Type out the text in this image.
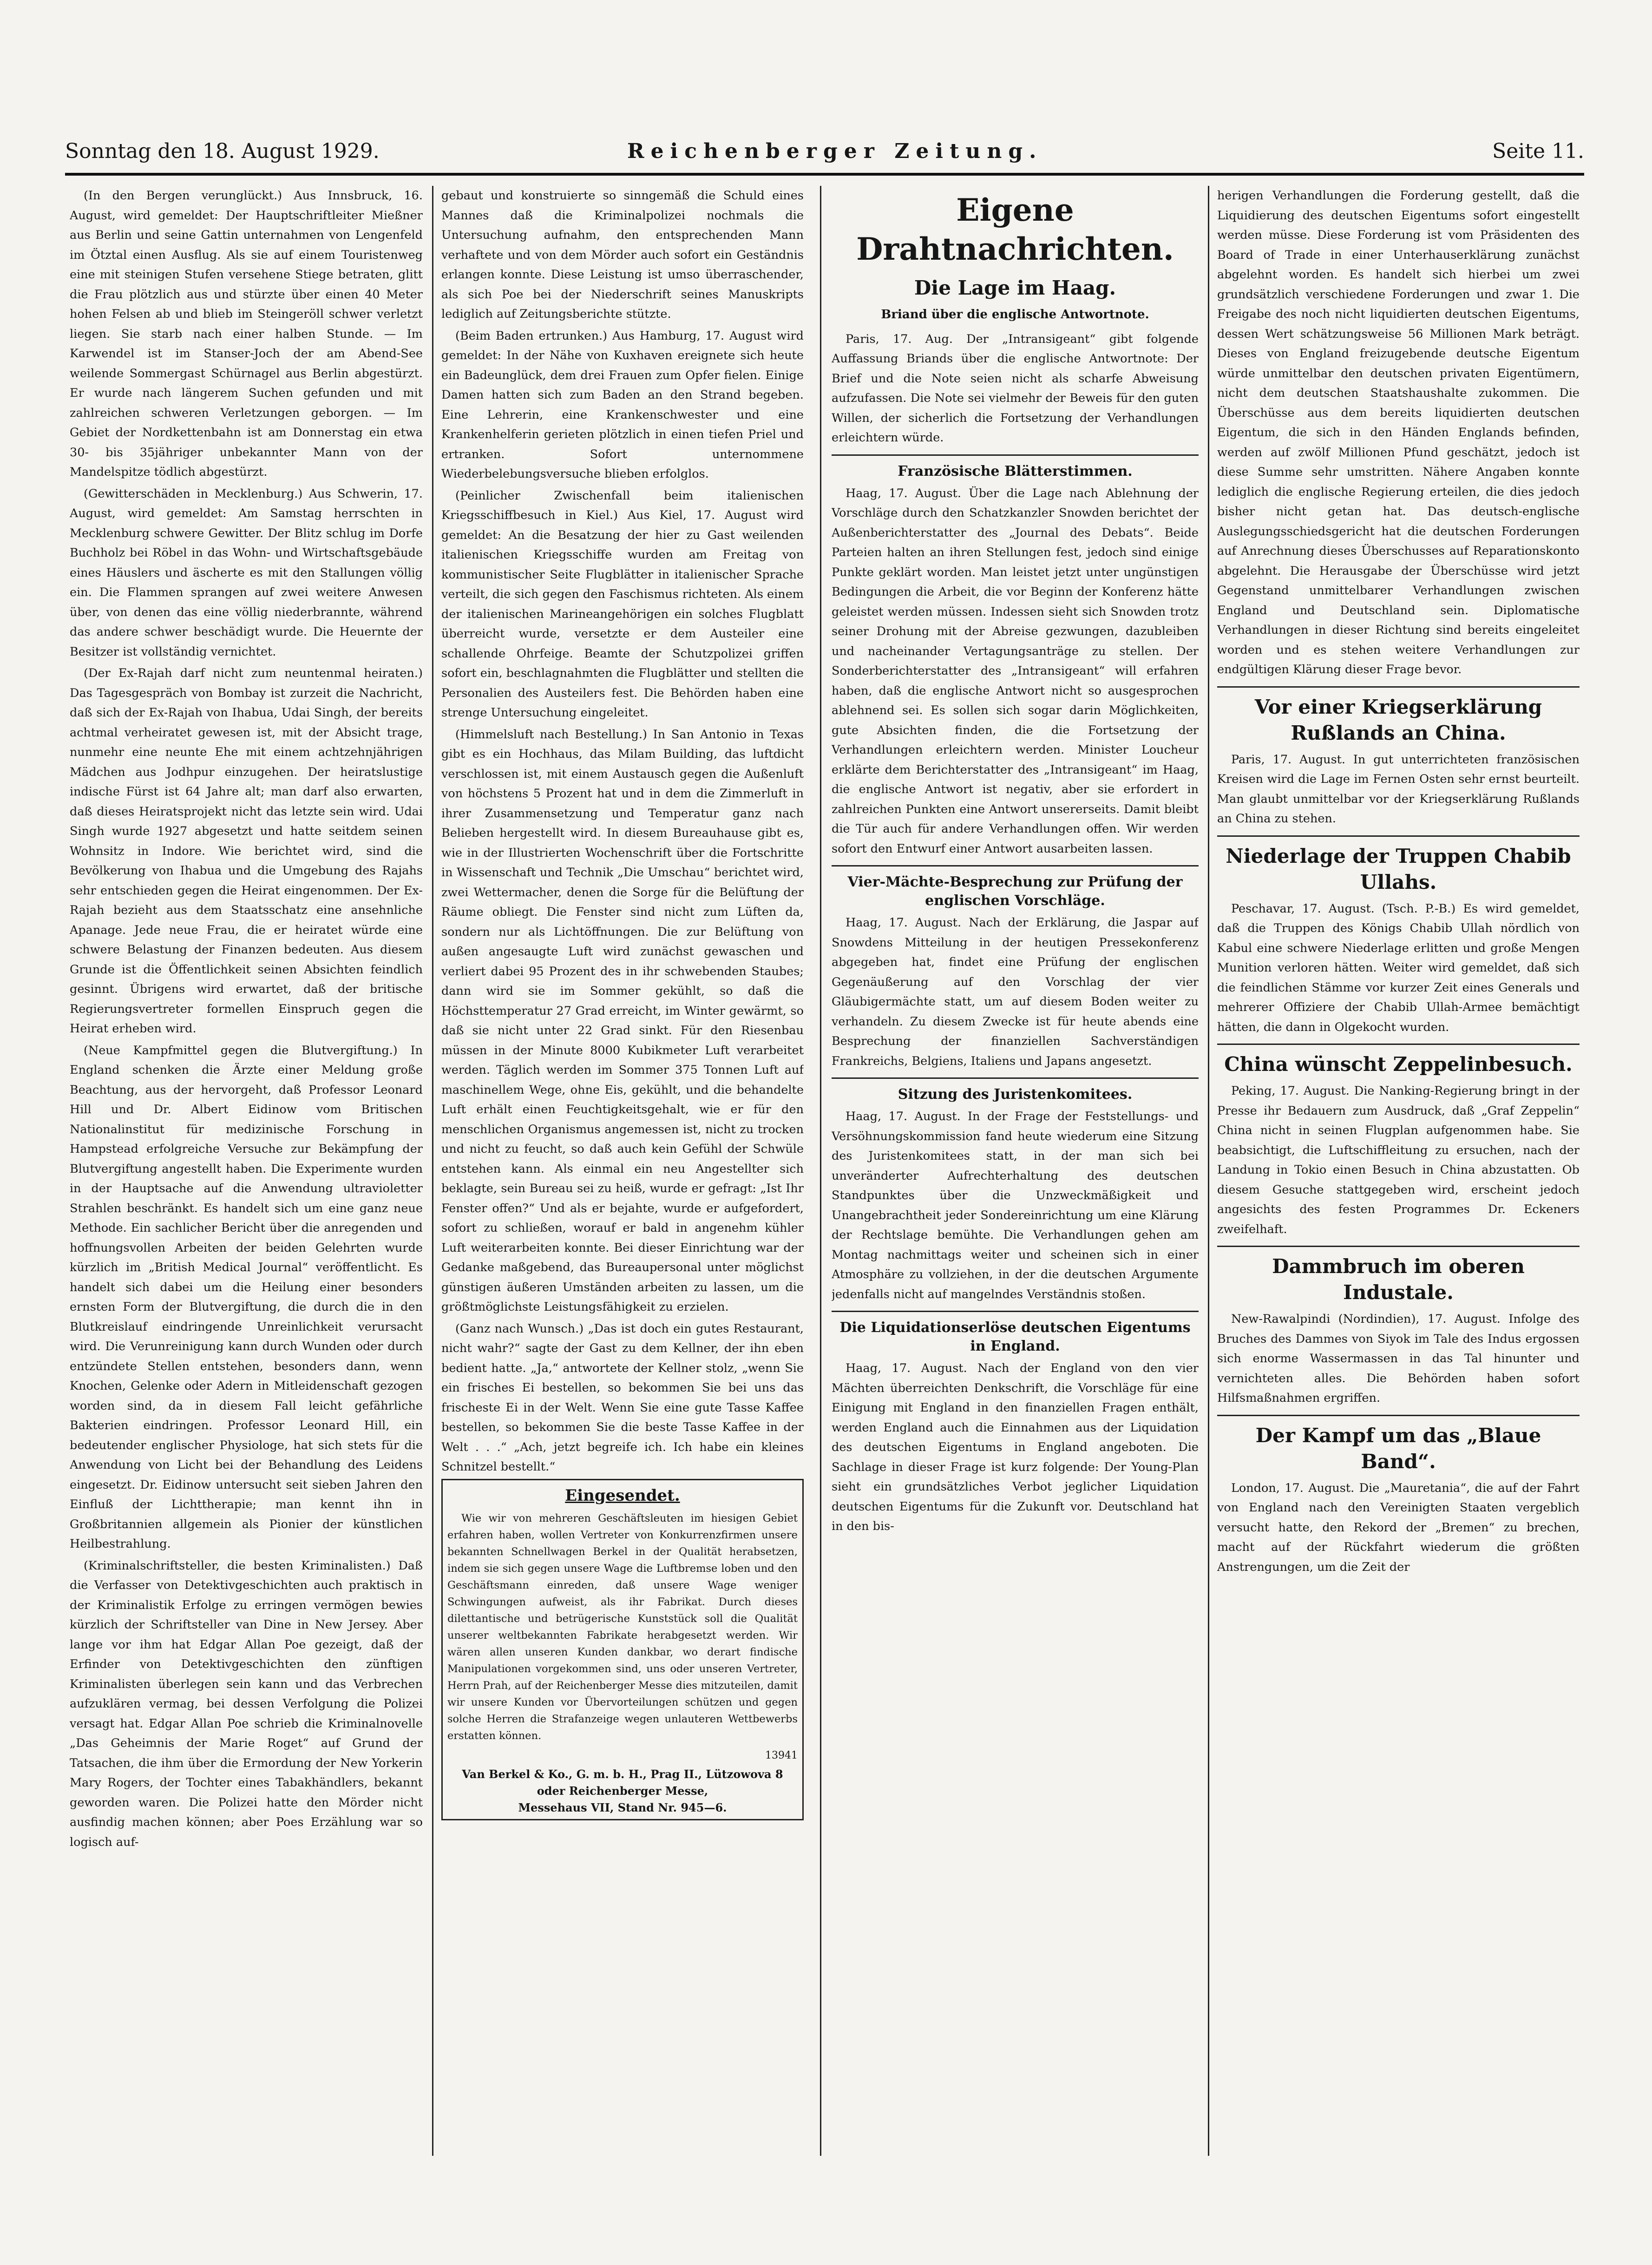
Sonntag den 18. August 1929.	Reichenberger Zeitung.	Seite 11.

(In den Bergen verunglückt.) Aus Innsbruck, 16. August, wird gemeldet: Der Hauptschriftleiter Mießner aus Berlin und seine Gattin unternahmen von Lengenfeld im Ötztal einen Ausflug. Als sie auf einem Touristenweg eine mit steinigen Stufen versehene Stiege betraten, glitt die Frau plötzlich aus und stürzte über einen 40 Meter hohen Felsen ab und blieb im Steingeröll schwer verletzt liegen. Sie starb nach einer halben Stunde. — Im Karwendel ist im Stanser-Joch der am Abend-See weilende Sommergast Schürnagel aus Berlin abgestürzt. Er wurde nach längerem Suchen gefunden und mit zahlreichen schweren Verletzungen geborgen. — Im Gebiet der Nordkettenbahn ist am Donnerstag ein etwa 30- bis 35jähriger unbekannter Mann von der Mandelspitze tödlich abgestürzt.

(Gewitterschäden in Mecklenburg.) Aus Schwerin, 17. August, wird gemeldet: Am Samstag herrschten in Mecklenburg schwere Gewitter. Der Blitz schlug im Dorfe Buchholz bei Röbel in das Wohn- und Wirtschaftsgebäude eines Häuslers und äscherte es mit den Stallungen völlig ein. Die Flammen sprangen auf zwei weitere Anwesen über, von denen das eine völlig niederbrannte, während das andere schwer beschädigt wurde. Die Heuernte der Besitzer ist vollständig vernichtet.

(Der Ex-Rajah darf nicht zum neuntenmal heiraten.) Das Tagesgespräch von Bombay ist zurzeit die Nachricht, daß sich der Ex-Rajah von Ihabua, Udai Singh, der bereits achtmal verheiratet gewesen ist, mit der Absicht trage, nunmehr eine neunte Ehe mit einem achtzehnjährigen Mädchen aus Jodhpur einzugehen. Der heiratslustige indische Fürst ist 64 Jahre alt; man darf also erwarten, daß dieses Heiratsprojekt nicht das letzte sein wird. Udai Singh wurde 1927 abgesetzt und hatte seitdem seinen Wohnsitz in Indore. Wie berichtet wird, sind die Bevölkerung von Ihabua und die Umgebung des Rajahs sehr entschieden gegen die Heirat eingenommen. Der Ex-Rajah bezieht aus dem Staatsschatz eine ansehnliche Apanage. Jede neue Frau, die er heiratet würde eine schwere Belastung der Finanzen bedeuten. Aus diesem Grunde ist die Öffentlichkeit seinen Absichten feindlich gesinnt. Übrigens wird erwartet, daß der britische Regierungsvertreter formellen Einspruch gegen die Heirat erheben wird.

(Neue Kampfmittel gegen die Blutvergiftung.) In England schenken die Ärzte einer Meldung große Beachtung, aus der hervorgeht, daß Professor Leonard Hill und Dr. Albert Eidinow vom Britischen Nationalinstitut für medizinische Forschung in Hampstead erfolgreiche Versuche zur Bekämpfung der Blutvergiftung angestellt haben. Die Experimente wurden in der Hauptsache auf die Anwendung ultravioletter Strahlen beschränkt. Es handelt sich um eine ganz neue Methode. Ein sachlicher Bericht über die anregenden und hoffnungsvollen Arbeiten der beiden Gelehrten wurde kürzlich im „British Medical Journal“ veröffentlicht. Es handelt sich dabei um die Heilung einer besonders ernsten Form der Blutvergiftung, die durch die in den Blutkreislauf eindringende Unreinlichkeit verursacht wird. Die Verunreinigung kann durch Wunden oder durch entzündete Stellen entstehen, besonders dann, wenn Knochen, Gelenke oder Adern in Mitleidenschaft gezogen worden sind, da in diesem Fall leicht gefährliche Bakterien eindringen. Professor Leonard Hill, ein bedeutender englischer Physiologe, hat sich stets für die Anwendung von Licht bei der Behandlung des Leidens eingesetzt. Dr. Eidinow untersucht seit sieben Jahren den Einfluß der Lichttherapie; man kennt ihn in Großbritannien allgemein als Pionier der künstlichen Heilbestrahlung.

(Kriminalschriftsteller, die besten Kriminalisten.) Daß die Verfasser von Detektivgeschichten auch praktisch in der Kriminalistik Erfolge zu erringen vermögen bewies kürzlich der Schriftsteller van Dine in New Jersey. Aber lange vor ihm hat Edgar Allan Poe gezeigt, daß der Erfinder von Detektivgeschichten den zünftigen Kriminalisten überlegen sein kann und das Verbrechen aufzuklären vermag, bei dessen Verfolgung die Polizei versagt hat. Edgar Allan Poe schrieb die Kriminalnovelle „Das Geheimnis der Marie Roget“ auf Grund der Tatsachen, die ihm über die Ermordung der New Yorkerin Mary Rogers, der Tochter eines Tabakhändlers, bekannt geworden waren. Die Polizei hatte den Mörder nicht ausfindig machen können; aber Poes Erzählung war so logisch auf-

gebaut und konstruierte so sinngemäß die Schuld eines Mannes daß die Kriminalpolizei nochmals die Untersuchung aufnahm, den entsprechenden Mann verhaftete und von dem Mörder auch sofort ein Geständnis erlangen konnte. Diese Leistung ist umso überraschender, als sich Poe bei der Niederschrift seines Manuskripts lediglich auf Zeitungsberichte stützte.

(Beim Baden ertrunken.) Aus Hamburg, 17. August wird gemeldet: In der Nähe von Kuxhaven ereignete sich heute ein Badeunglück, dem drei Frauen zum Opfer fielen. Einige Damen hatten sich zum Baden an den Strand begeben. Eine Lehrerin, eine Krankenschwester und eine Krankenhelferin gerieten plötzlich in einen tiefen Priel und ertranken. Sofort unternommene Wiederbelebungsversuche blieben erfolglos.

(Peinlicher Zwischenfall beim italienischen Kriegsschiffbesuch in Kiel.) Aus Kiel, 17. August wird gemeldet: An die Besatzung der hier zu Gast weilenden italienischen Kriegsschiffe wurden am Freitag von kommunistischer Seite Flugblätter in italienischer Sprache verteilt, die sich gegen den Faschismus richteten. Als einem der italienischen Marineangehörigen ein solches Flugblatt überreicht wurde, versetzte er dem Austeiler eine schallende Ohrfeige. Beamte der Schutzpolizei griffen sofort ein, beschlagnahmten die Flugblätter und stellten die Personalien des Austeilers fest. Die Behörden haben eine strenge Untersuchung eingeleitet.

(Himmelsluft nach Bestellung.) In San Antonio in Texas gibt es ein Hochhaus, das Milam Building, das luftdicht verschlossen ist, mit einem Austausch gegen die Außenluft von höchstens 5 Prozent hat und in dem die Zimmerluft in ihrer Zusammensetzung und Temperatur ganz nach Belieben hergestellt wird. In diesem Bureauhause gibt es, wie in der Illustrierten Wochenschrift über die Fortschritte in Wissenschaft und Technik „Die Umschau“ berichtet wird, zwei Wettermacher, denen die Sorge für die Belüftung der Räume obliegt. Die Fenster sind nicht zum Lüften da, sondern nur als Lichtöffnungen. Die zur Belüftung von außen angesaugte Luft wird zunächst gewaschen und verliert dabei 95 Prozent des in ihr schwebenden Staubes; dann wird sie im Sommer gekühlt, so daß die Höchsttemperatur 27 Grad erreicht, im Winter gewärmt, so daß sie nicht unter 22 Grad sinkt. Für den Riesenbau müssen in der Minute 8000 Kubikmeter Luft verarbeitet werden. Täglich werden im Sommer 375 Tonnen Luft auf maschinellem Wege, ohne Eis, gekühlt, und die behandelte Luft erhält einen Feuchtigkeitsgehalt, wie er für den menschlichen Organismus angemessen ist, nicht zu trocken und nicht zu feucht, so daß auch kein Gefühl der Schwüle entstehen kann. Als einmal ein neu Angestellter sich beklagte, sein Bureau sei zu heiß, wurde er gefragt: „Ist Ihr Fenster offen?“ Und als er bejahte, wurde er aufgefordert, sofort zu schließen, worauf er bald in angenehm kühler Luft weiterarbeiten konnte. Bei dieser Einrichtung war der Gedanke maßgebend, das Bureaupersonal unter möglichst günstigen äußeren Umständen arbeiten zu lassen, um die größtmöglichste Leistungsfähigkeit zu erzielen.

(Ganz nach Wunsch.) „Das ist doch ein gutes Restaurant, nicht wahr?“ sagte der Gast zu dem Kellner, der ihn eben bedient hatte. „Ja,“ antwortete der Kellner stolz, „wenn Sie ein frisches Ei bestellen, so bekommen Sie bei uns das frischeste Ei in der Welt. Wenn Sie eine gute Tasse Kaffee bestellen, so bekommen Sie die beste Tasse Kaffee in der Welt . . .“ „Ach, jetzt begreife ich. Ich habe ein kleines Schnitzel bestellt.“

Eingesendet.

Wie wir von mehreren Geschäftsleuten im hiesigen Gebiet erfahren haben, wollen Vertreter von Konkurrenzfirmen unsere bekannten Schnellwagen Berkel in der Qualität herabsetzen, indem sie sich gegen unsere Wage die Luftbremse loben und den Geschäftsmann einreden, daß unsere Wage weniger Schwingungen aufweist, als ihr Fabrikat. Durch dieses dilettantische und betrügerische Kunststück soll die Qualität unserer weltbekannten Fabrikate herabgesetzt werden. Wir wären allen unseren Kunden dankbar, wo derart findische Manipulationen vorgekommen sind, uns oder unseren Vertreter, Herrn Prah, auf der Reichenberger Messe dies mitzuteilen, damit wir unsere Kunden vor Übervorteilungen schützen und gegen solche Herren die Strafanzeige wegen unlauteren Wettbewerbs erstatten können.

13941
Van Berkel & Ko., G. m. b. H., Prag II., Lützowova 8 oder Reichenberger Messe,
Messehaus VII, Stand Nr. 945—6.
Eigene Drahtnachrichten.
Die Lage im Haag.
Briand über die englische Antwortnote.

Paris, 17. Aug. Der „Intransigeant“ gibt folgende Auffassung Briands über die englische Antwortnote: Der Brief und die Note seien nicht als scharfe Abweisung aufzufassen. Die Note sei vielmehr der Beweis für den guten Willen, der sicherlich die Fortsetzung der Verhandlungen erleichtern würde.

Französische Blätterstimmen.

Haag, 17. August. Über die Lage nach Ablehnung der Vorschläge durch den Schatzkanzler Snowden berichtet der Außenberichterstatter des „Journal des Debats“. Beide Parteien halten an ihren Stellungen fest, jedoch sind einige Punkte geklärt worden. Man leistet jetzt unter ungünstigen Bedingungen die Arbeit, die vor Beginn der Konferenz hätte geleistet werden müssen. Indessen sieht sich Snowden trotz seiner Drohung mit der Abreise gezwungen, dazubleiben und nacheinander Vertagungsanträge zu stellen. Der Sonderberichterstatter des „Intransigeant“ will erfahren haben, daß die englische Antwort nicht so ausgesprochen ablehnend sei. Es sollen sich sogar darin Möglichkeiten, gute Absichten finden, die die Fortsetzung der Verhandlungen erleichtern werden. Minister Loucheur erklärte dem Berichterstatter des „Intransigeant“ im Haag, die englische Antwort ist negativ, aber sie erfordert in zahlreichen Punkten eine Antwort unsererseits. Damit bleibt die Tür auch für andere Verhandlungen offen. Wir werden sofort den Entwurf einer Antwort ausarbeiten lassen.

Vier-Mächte-Besprechung zur Prüfung der englischen Vorschläge.

Haag, 17. August. Nach der Erklärung, die Jaspar auf Snowdens Mitteilung in der heutigen Pressekonferenz abgegeben hat, findet eine Prüfung der englischen Gegenäußerung auf den Vorschlag der vier Gläubigermächte statt, um auf diesem Boden weiter zu verhandeln. Zu diesem Zwecke ist für heute abends eine Besprechung der finanziellen Sachverständigen Frankreichs, Belgiens, Italiens und Japans angesetzt.

Sitzung des Juristenkomitees.

Haag, 17. August. In der Frage der Feststellungs- und Versöhnungskommission fand heute wiederum eine Sitzung des Juristenkomitees statt, in der man sich bei unveränderter Aufrechterhaltung des deutschen Standpunktes über die Unzweckmäßigkeit und Unangebrachtheit jeder Sondereinrichtung um eine Klärung der Rechtslage bemühte. Die Verhandlungen gehen am Montag nachmittags weiter und scheinen sich in einer Atmosphäre zu vollziehen, in der die deutschen Argumente jedenfalls nicht auf mangelndes Verständnis stoßen.

Die Liquidationserlöse deutschen Eigentums in England.

Haag, 17. August. Nach der England von den vier Mächten überreichten Denkschrift, die Vorschläge für eine Einigung mit England in den finanziellen Fragen enthält, werden England auch die Einnahmen aus der Liquidation des deutschen Eigentums in England angeboten. Die Sachlage in dieser Frage ist kurz folgende: Der Young-Plan sieht ein grundsätzliches Verbot jeglicher Liquidation deutschen Eigentums für die Zukunft vor. Deutschland hat in den bis-

herigen Verhandlungen die Forderung gestellt, daß die Liquidierung des deutschen Eigentums sofort eingestellt werden müsse. Diese Forderung ist vom Präsidenten des Board of Trade in einer Unterhauserklärung zunächst abgelehnt worden. Es handelt sich hierbei um zwei grundsätzlich verschiedene Forderungen und zwar 1. Die Freigabe des noch nicht liquidierten deutschen Eigentums, dessen Wert schätzungsweise 56 Millionen Mark beträgt. Dieses von England freizugebende deutsche Eigentum würde unmittelbar den deutschen privaten Eigentümern, nicht dem deutschen Staatshaushalte zukommen. Die Überschüsse aus dem bereits liquidierten deutschen Eigentum, die sich in den Händen Englands befinden, werden auf zwölf Millionen Pfund geschätzt, jedoch ist diese Summe sehr umstritten. Nähere Angaben konnte lediglich die englische Regierung erteilen, die dies jedoch bisher nicht getan hat. Das deutsch-englische Auslegungsschiedsgericht hat die deutschen Forderungen auf Anrechnung dieses Überschusses auf Reparationskonto abgelehnt. Die Herausgabe der Überschüsse wird jetzt Gegenstand unmittelbarer Verhandlungen zwischen England und Deutschland sein. Diplomatische Verhandlungen in dieser Richtung sind bereits eingeleitet worden und es stehen weitere Verhandlungen zur endgültigen Klärung dieser Frage bevor.

Vor einer Kriegserklärung Rußlands an China.

Paris, 17. August. In gut unterrichteten französischen Kreisen wird die Lage im Fernen Osten sehr ernst beurteilt. Man glaubt unmittelbar vor der Kriegserklärung Rußlands an China zu stehen.

Niederlage der Truppen Chabib Ullahs.

Peschavar, 17. August. (Tsch. P.-B.) Es wird gemeldet, daß die Truppen des Königs Chabib Ullah nördlich von Kabul eine schwere Niederlage erlitten und große Mengen Munition verloren hätten. Weiter wird gemeldet, daß sich die feindlichen Stämme vor kurzer Zeit eines Generals und mehrerer Offiziere der Chabib Ullah-Armee bemächtigt hätten, die dann in Olgekocht wurden.

China wünscht Zeppelinbesuch.

Peking, 17. August. Die Nanking-Regierung bringt in der Presse ihr Bedauern zum Ausdruck, daß „Graf Zeppelin“ China nicht in seinen Flugplan aufgenommen habe. Sie beabsichtigt, die Luftschiffleitung zu ersuchen, nach der Landung in Tokio einen Besuch in China abzustatten. Ob diesem Gesuche stattgegeben wird, erscheint jedoch angesichts des festen Programmes Dr. Eckeners zweifelhaft.

Dammbruch im oberen Industale.

New-Rawalpindi (Nordindien), 17. August. Infolge des Bruches des Dammes von Siyok im Tale des Indus ergossen sich enorme Wassermassen in das Tal hinunter und vernichteten alles. Die Behörden haben sofort Hilfsmaßnahmen ergriffen.

Der Kampf um das „Blaue Band“.

London, 17. August. Die „Mauretania“, die auf der Fahrt von England nach den Vereinigten Staaten vergeblich versucht hatte, den Rekord der „Bremen“ zu brechen, macht auf der Rückfahrt wiederum die größten Anstrengungen, um die Zeit der
